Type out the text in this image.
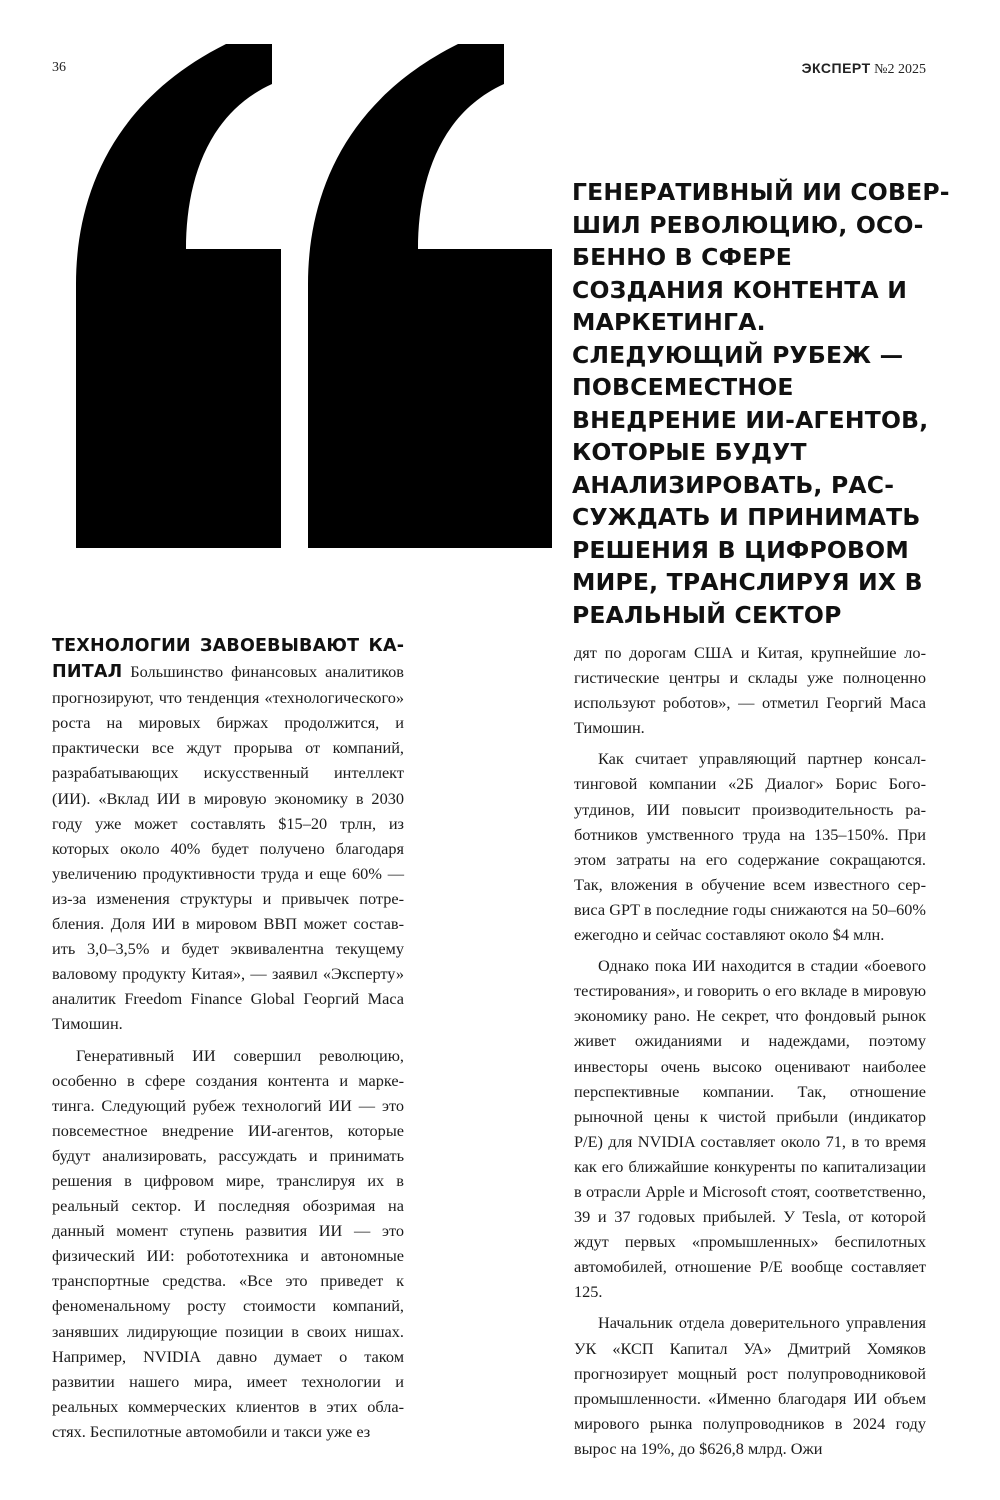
36	ЭКСПЕРТ №2 2025
ГЕНЕРАТИВНЫЙ ИИ СОВЕРШИЛ РЕВОЛЮЦИЮ, ОСОБЕННО В СФЕРЕ СОЗДАНИЯ КОНТЕНТА И МАРКЕТИНГА. СЛЕДУЮЩИЙ РУБЕЖ — ПОВСЕМЕСТНОЕ ВНЕДРЕНИЕ ИИ-АГЕНТОВ, КОТОРЫЕ БУДУТ АНАЛИЗИРОВАТЬ, РАССУЖДАТЬ И ПРИНИМАТЬ РЕШЕНИЯ В ЦИФРОВОМ МИРЕ, ТРАНСЛИРУЯ ИХ В РЕАЛЬНЫЙ СЕКТОР

ТЕХНОЛОГИИ ЗАВОЕВЫВАЮТ КАПИТАЛ Большинство финансовых аналитиков прогнозируют, что тенденция «технологического» роста на мировых биржах продолжится, и практически все ждут прорыва от компаний, разрабатывающих искусственный интеллект (ИИ). «Вклад ИИ в мировую экономику в 2030 году уже может составлять $15–20 трлн, из которых около 40% будет получено благодаря увеличению продуктивности труда и еще 60% — из-за изменения структуры и привычек потребления. Доля ИИ в мировом ВВП может составить 3,0–3,5% и будет эквивалентна текущему валовому продукту Китая», — заявил «Эксперту» аналитик Freedom Finance Global Георгий Маса Тимошин.

Генеративный ИИ совершил революцию, особенно в сфере создания контента и маркетинга. Следующий рубеж технологий ИИ — это повсеместное внедрение ИИ-агентов, которые будут анализировать, рассуждать и принимать решения в цифровом мире, транслируя их в реальный сектор. И последняя обозримая на данный момент ступень развития ИИ — это физический ИИ: робототехника и автономные транспортные средства. «Все это приведет к феноменальному росту стоимости компаний, занявших лидирующие позиции в своих нишах. Например, NVIDIA давно думает о таком развитии нашего мира, имеет технологии и реальных коммерческих клиентов в этих областях. Беспилотные автомобили и такси уже ез

дят по дорогам США и Китая, крупнейшие логистические центры и склады уже полноценно используют роботов», — отметил Георгий Маса Тимошин.

Как считает управляющий партнер консалтинговой компании «2Б Диалог» Борис Богоутдинов, ИИ повысит производительность работников умственного труда на 135–150%. При этом затраты на его содержание сокращаются. Так, вложения в обучение всем известного сервиса GPT в последние годы снижаются на 50–60% ежегодно и сейчас составляют около $4 млн.

Однако пока ИИ находится в стадии «боевого тестирования», и говорить о его вкладе в мировую экономику рано. Не секрет, что фондовый рынок живет ожиданиями и надеждами, поэтому инвесторы очень высоко оценивают наиболее перспективные компании. Так, отношение рыночной цены к чистой прибыли (индикатор P/E) для NVIDIA составляет около 71, в то время как его ближайшие конкуренты по капитализации в отрасли Apple и Microsoft стоят, соответственно, 39 и 37 годовых прибылей. У Tesla, от которой ждут первых «промышленных» беспилотных автомобилей, отношение P/E вообще составляет 125.

Начальник отдела доверительного управления УК «КСП Капитал УА» Дмитрий Хомяков прогнозирует мощный рост полупроводниковой промышленности. «Именно благодаря ИИ объем мирового рынка полупроводников в 2024 году вырос на 19%, до $626,8 млрд. Ожи
